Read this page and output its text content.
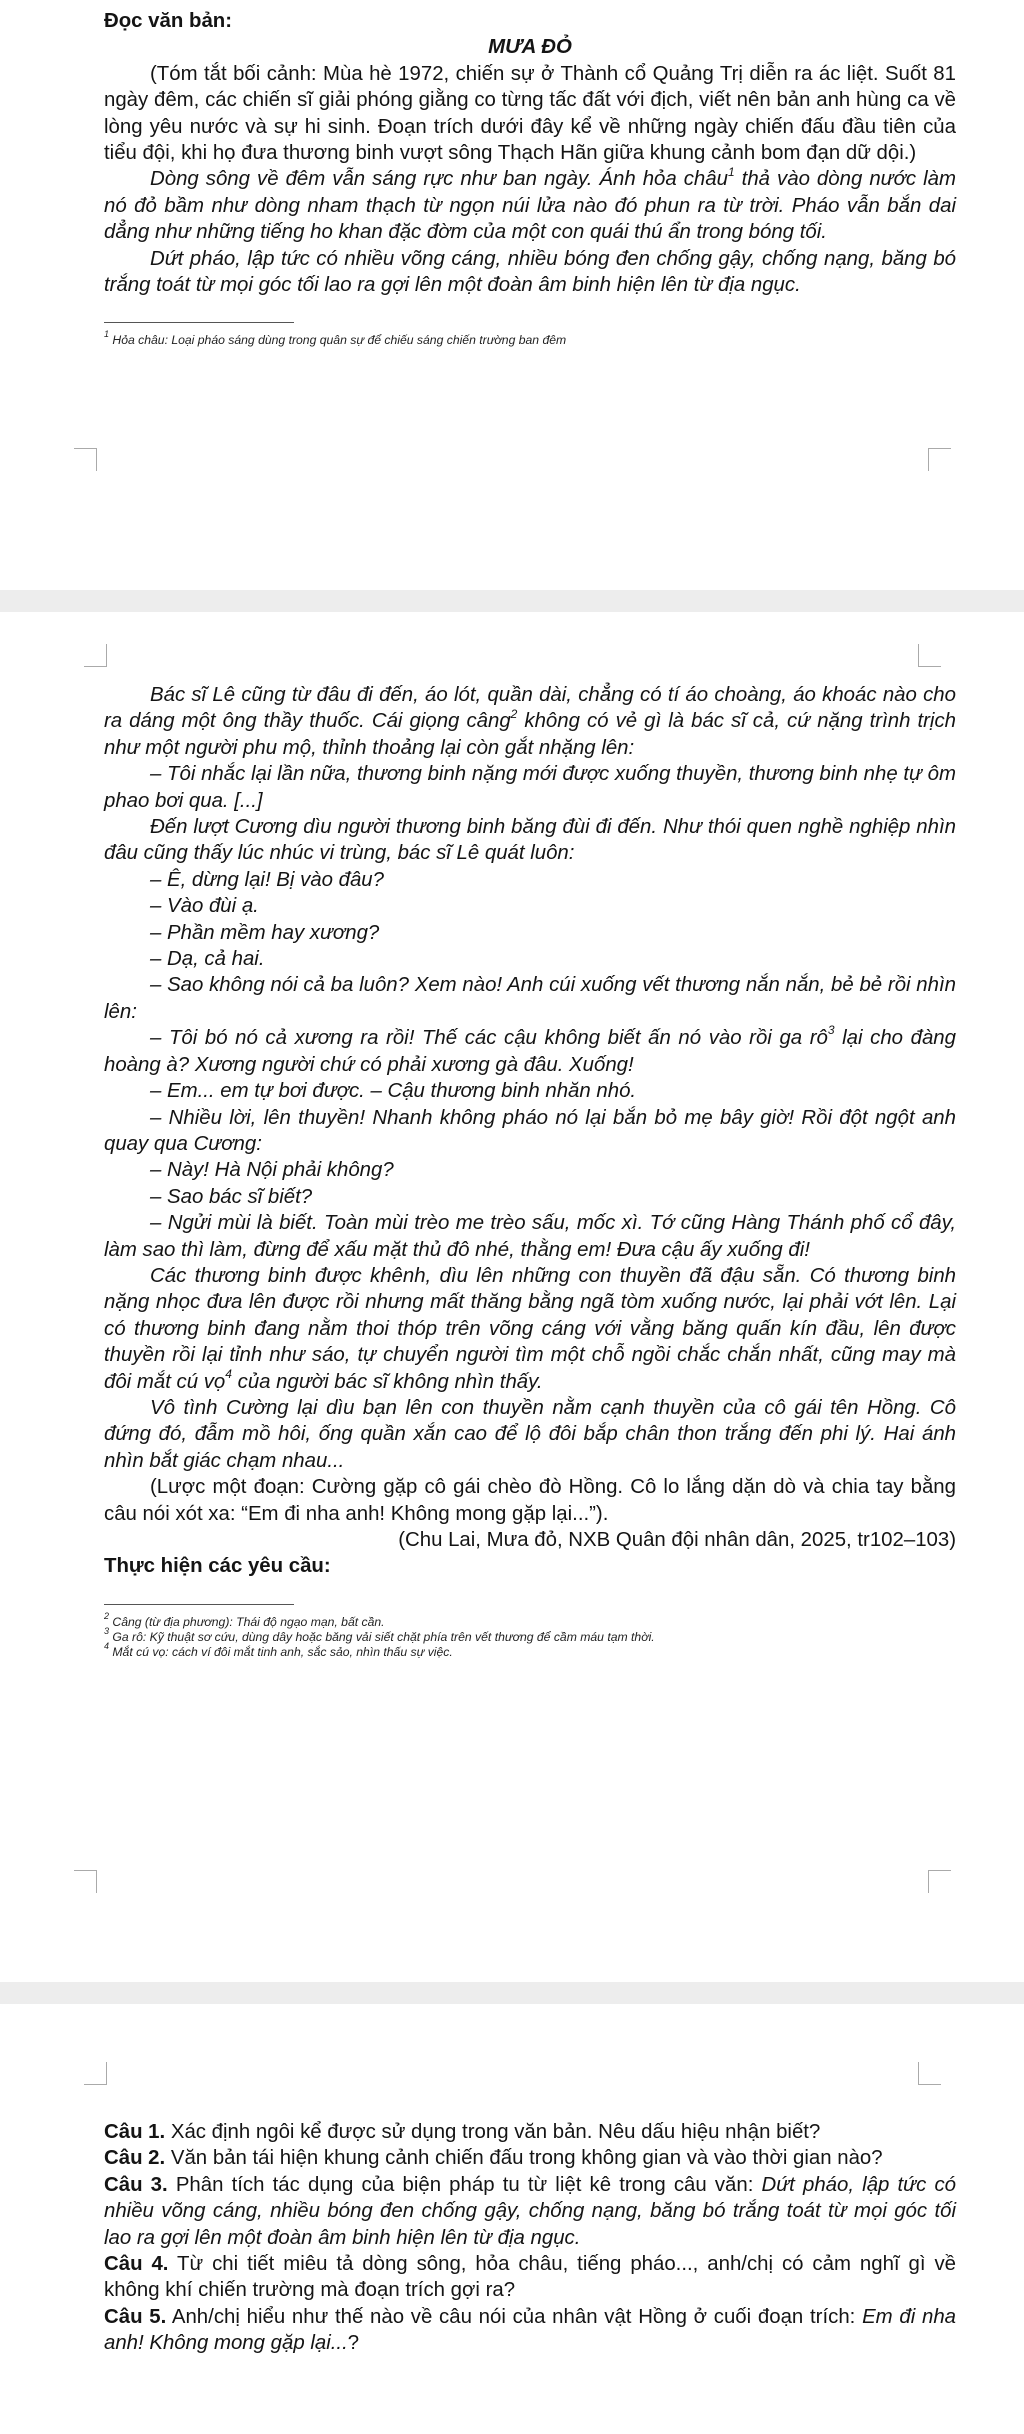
Đọc văn bản:
MƯA ĐỎ

(Tóm tắt bối cảnh: Mùa hè 1972, chiến sự ở Thành cổ Quảng Trị diễn ra ác liệt. Suốt 81 ngày đêm, các chiến sĩ giải phóng giằng co từng tấc đất với địch, viết nên bản anh hùng ca về lòng yêu nước và sự hi sinh. Đoạn trích dưới đây kể về những ngày chiến đấu đầu tiên của tiểu đội, khi họ đưa thương binh vượt sông Thạch Hãn giữa khung cảnh bom đạn dữ dội.)

Dòng sông về đêm vẫn sáng rực như ban ngày. Ánh hỏa châu$^1$ thả vào dòng nước làm nó đỏ bầm như dòng nham thạch từ ngọn núi lửa nào đó phun ra từ trời. Pháo vẫn bắn dai dẳng như những tiếng ho khan đặc đờm của một con quái thú ẩn trong bóng tối.

Dứt pháo, lập tức có nhiều võng cáng, nhiều bóng đen chống gậy, chống nạng, băng bó trắng toát từ mọi góc tối lao ra gợi lên một đoàn âm binh hiện lên từ địa ngục.

$^1$ Hỏa châu: Loại pháo sáng dùng trong quân sự để chiếu sáng chiến trường ban đêm

Bác sĩ Lê cũng từ đâu đi đến, áo lót, quần dài, chẳng có tí áo choàng, áo khoác nào cho ra dáng một ông thầy thuốc. Cái giọng câng$^2$ không có vẻ gì là bác sĩ cả, cứ nặng trình trịch như một người phu mộ, thỉnh thoảng lại còn gắt nhặng lên:

– Tôi nhắc lại lần nữa, thương binh nặng mới được xuống thuyền, thương binh nhẹ tự ôm phao bơi qua. [...]

Đến lượt Cương dìu người thương binh băng đùi đi đến. Như thói quen nghề nghiệp nhìn đâu cũng thấy lúc nhúc vi trùng, bác sĩ Lê quát luôn:

– Ê, dừng lại! Bị vào đâu?

– Vào đùi ạ.

– Phần mềm hay xương?

– Dạ, cả hai.

– Sao không nói cả ba luôn? Xem nào! Anh cúi xuống vết thương nắn nắn, bẻ bẻ rồi nhìn lên:

– Tôi bó nó cả xương ra rồi! Thế các cậu không biết ấn nó vào rồi ga $rô^3$ lại cho đàng hoàng à? Xương người chứ có phải xương gà đâu. Xuống!

– Em... em tự bơi được. – Cậu thương binh nhăn nhó.

– Nhiều lời, lên thuyền! Nhanh không pháo nó lại bắn bỏ mẹ bây giờ! Rồi đột ngột anh quay qua Cương:

– Này! Hà Nội phải không?

– Sao bác sĩ biết?

– Ngửi mùi là biết. Toàn mùi trèo me trèo sấu, mốc xì. Tớ cũng Hàng Thánh phố cổ đây, làm sao thì làm, đừng để xấu mặt thủ đô nhé, thằng em! Đưa cậu ấy xuống đi!

Các thương binh được khênh, dìu lên những con thuyền đã đậu sẵn. Có thương binh nặng nhọc đưa lên được rồi nhưng mất thăng bằng ngã tòm xuống nước, lại phải vớt lên. Lại có thương binh đang nằm thoi thóp trên võng cáng với vằng băng quấn kín đầu, lên được thuyền rồi lại tỉnh như sáo, tự chuyển người tìm một chỗ ngồi chắc chắn nhất, cũng may mà đôi mắt cú vọ$^4$ của người bác sĩ không nhìn thấy.

Vô tình Cường lại dìu bạn lên con thuyền nằm cạnh thuyền của cô gái tên Hồng. Cô đứng đó, đẫm mồ hôi, ống quần xắn cao để lộ đôi bắp chân thon trắng đến phi lý. Hai ánh nhìn bắt giác chạm nhau...

(Lược một đoạn: Cường gặp cô gái chèo đò Hồng. Cô lo lắng dặn dò và chia tay bằng câu nói xót xa: “Em đi nha anh! Không mong gặp lại...”).

(Chu Lai, Mưa đỏ, NXB Quân đội nhân dân, 2025, tr102–103)

Thực hiện các yêu cầu:

$^2$ Câng (từ địa phương): Thái độ ngạo mạn, bất cần.

$^3$ Ga rô: Kỹ thuật sơ cứu, dùng dây hoặc băng vải siết chặt phía trên vết thương để cầm máu tạm thời.

$^4$ Mắt cú vọ: cách ví đôi mắt tinh anh, sắc sảo, nhìn thấu sự việc.

Câu 1. Xác định ngôi kể được sử dụng trong văn bản. Nêu dấu hiệu nhận biết?

Câu 2. Văn bản tái hiện khung cảnh chiến đấu trong không gian và vào thời gian nào?

Câu 3. Phân tích tác dụng của biện pháp tu từ liệt kê trong câu văn: Dứt pháo, lập tức có nhiều võng cáng, nhiều bóng đen chống gậy, chống nạng, băng bó trắng toát từ mọi góc tối lao ra gợi lên một đoàn âm binh hiện lên từ địa ngục.

Câu 4. Từ chi tiết miêu tả dòng sông, hỏa châu, tiếng pháo..., anh/chị có cảm nghĩ gì về không khí chiến trường mà đoạn trích gợi ra?

Câu 5. Anh/chị hiểu như thế nào về câu nói của nhân vật Hồng ở cuối đoạn trích: Em đi nha anh! Không mong gặp lại...?
